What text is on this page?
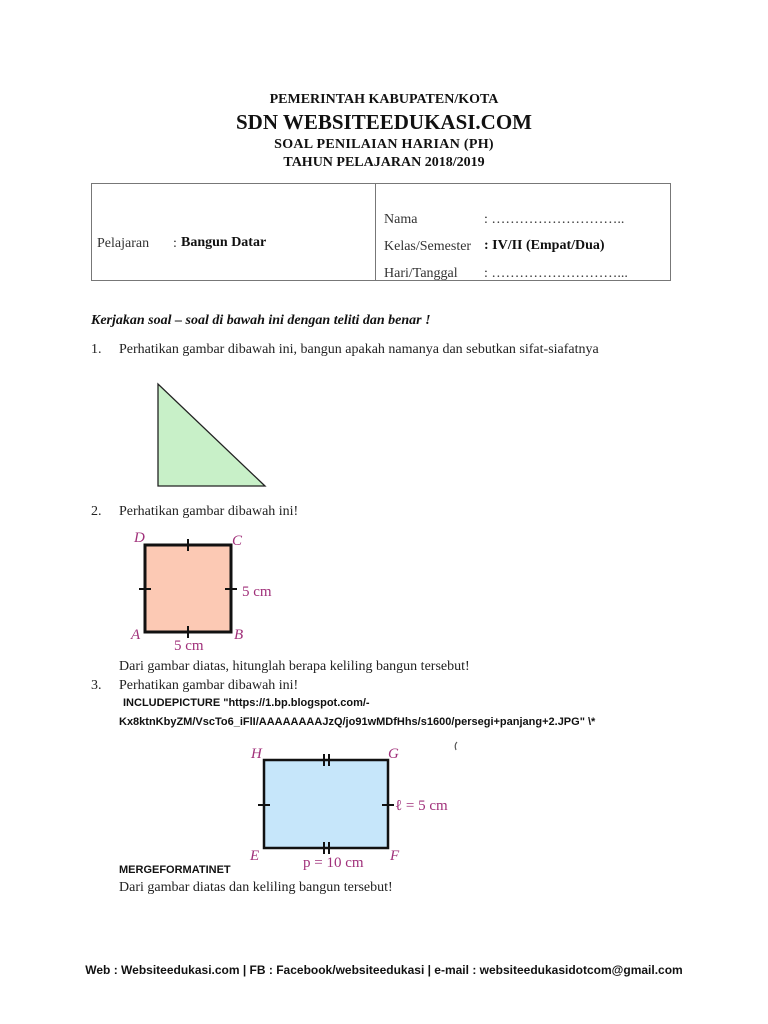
PEMERINTAH KABUPATEN/KOTA
SDN WEBSITEEDUKASI.COM
SOAL PENILAIAN HARIAN (PH)
TAHUN PELAJARAN 2018/2019
Pelajaran : Bangun Datar
Nama	: ………………………..
Kelas/Semester : IV/II (Empat/Dua)
Hari/Tanggal : ………………………...
Kerjakan soal – soal di bawah ini dengan teliti dan benar !
1. Perhatikan gambar dibawah ini, bangun apakah namanya dan sebutkan sifat-siafatnya
2. Perhatikan gambar dibawah ini!
D	C
A	B
5 cm
5 cm
Dari gambar diatas, hitunglah berapa keliling bangun tersebut!
3. Perhatikan gambar dibawah ini!
INCLUDEPICTURE "https://1.bp.blogspot.com/-
Kx8ktnKbyZM/VscTo6_iFlI/AAAAAAAAJzQ/jo91wMDfHhs/s1600/persegi+panjang+2.JPG" \*
H	G
E	F
ℓ = 5 cm
p = 10 cm
MERGEFORMATINET
Dari gambar diatas dan keliling bangun tersebut!
Web : Websiteedukasi.com | FB : Facebook/websiteedukasi | e-mail : websiteedukasidotcom@gmail.com
